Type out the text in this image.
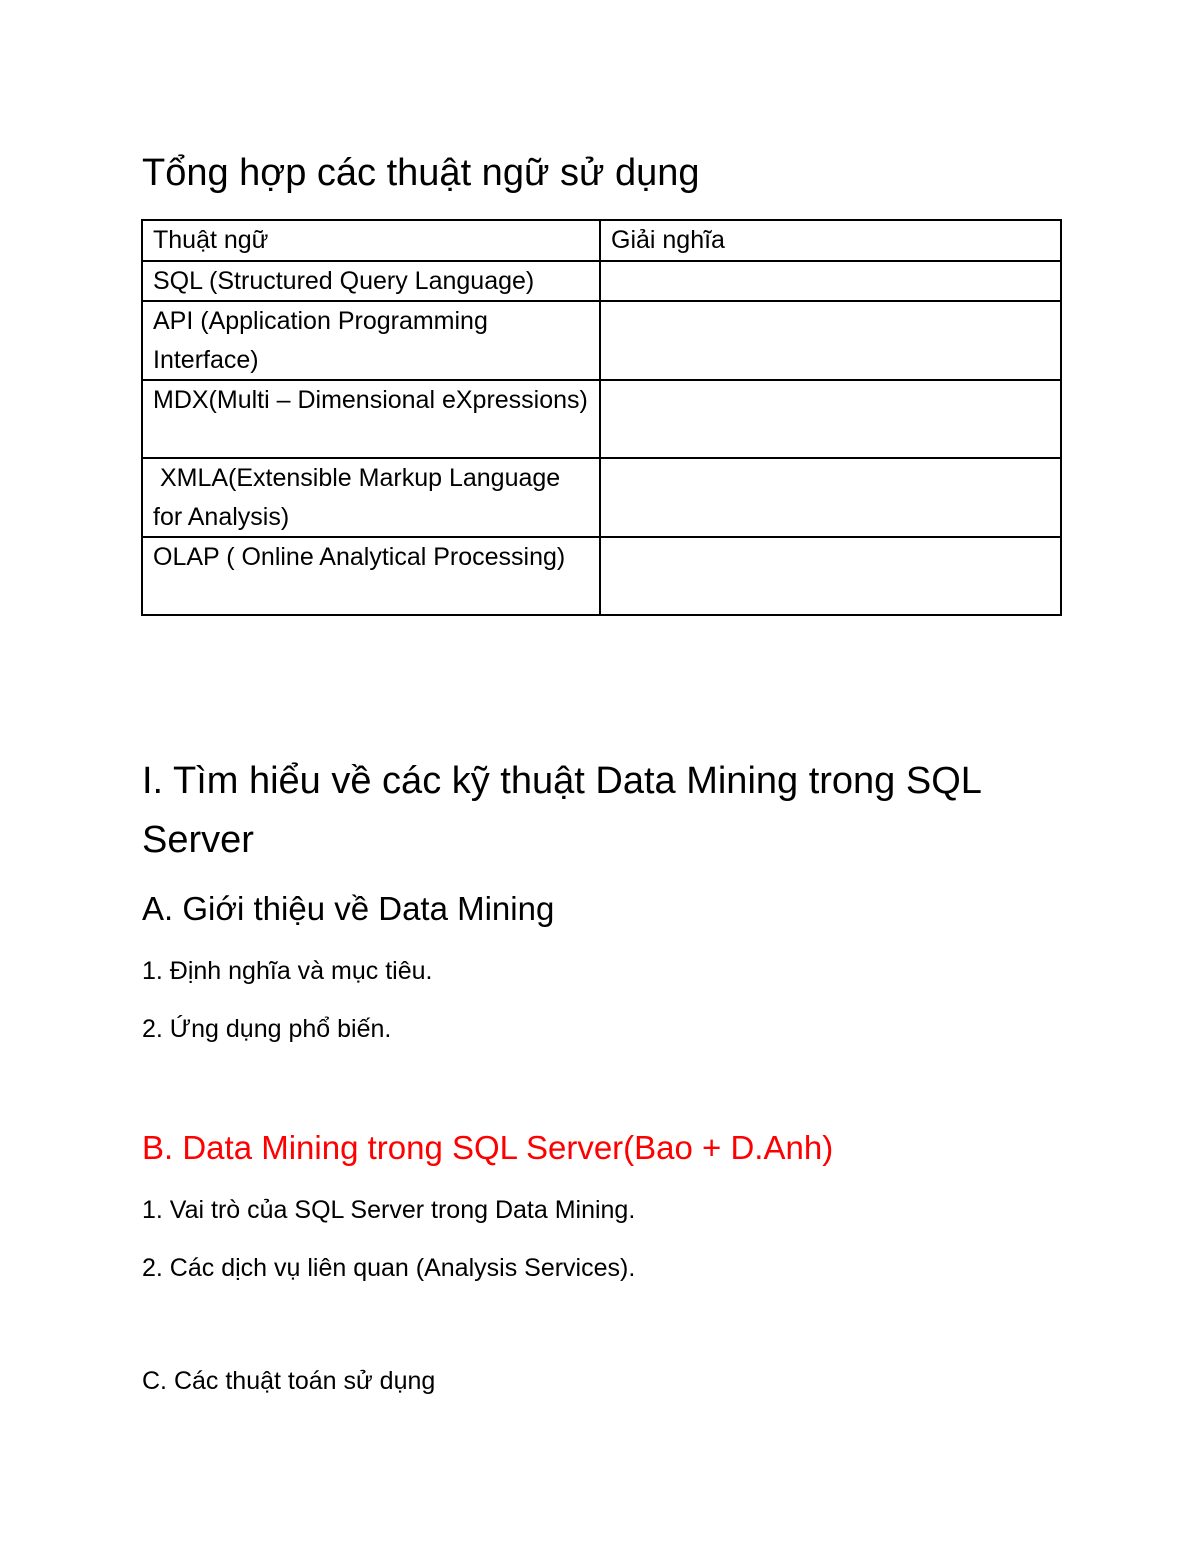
Tổng hợp các thuật ngữ sử dụng
Thuật ngữ	Giải nghĩa
SQL (Structured Query Language)	
API (Application Programming Interface)	
MDX(Multi – Dimensional eXpressions)	
XMLA(Extensible Markup Language for Analysis)	
OLAP ( Online Analytical Processing)	
I. Tìm hiểu về các kỹ thuật Data Mining trong SQL Server
A. Giới thiệu về Data Mining
1. Định nghĩa và mục tiêu.
2. Ứng dụng phổ biến.
B. Data Mining trong SQL Server(Bao + D.Anh)
1. Vai trò của SQL Server trong Data Mining.
2. Các dịch vụ liên quan (Analysis Services).
C. Các thuật toán sử dụng
